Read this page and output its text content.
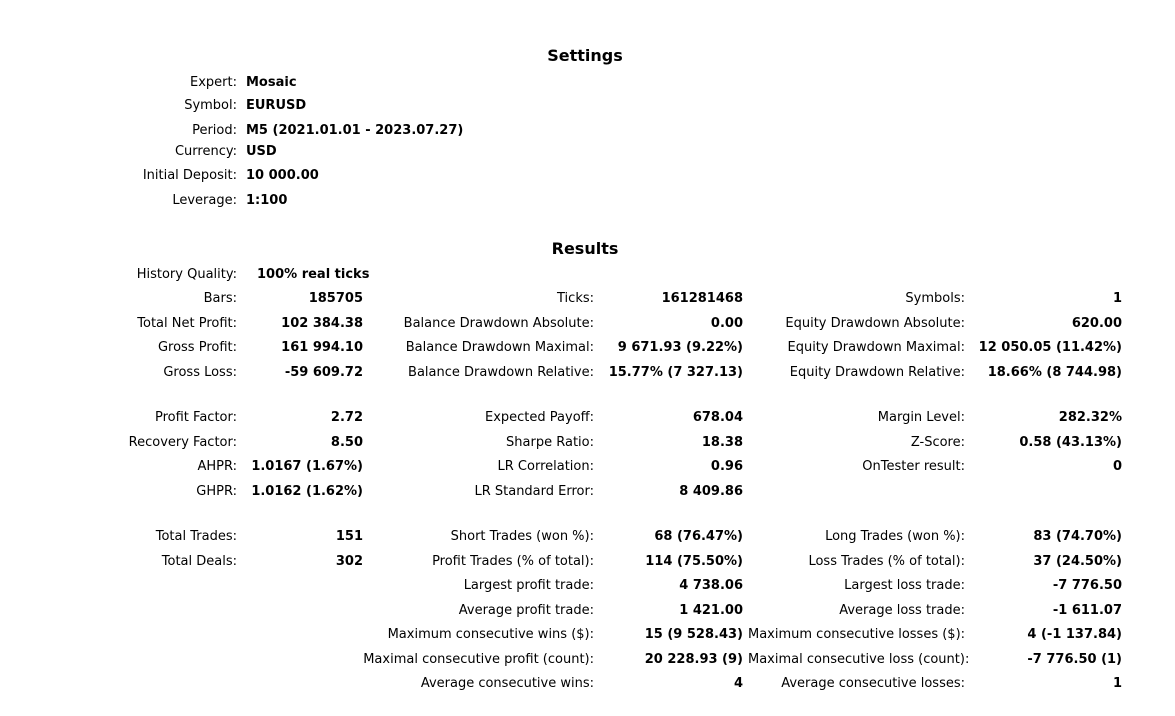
Settings
Expert: Mosaic
Symbol: EURUSD
Period: M5 (2021.01.01 - 2023.07.27)
Currency: USD
Initial Deposit: 10 000.00
Leverage: 1:100
Results
History Quality: 100% real ticks
Bars:	185705	Ticks:	161281468	Symbols:	1
Total Net Profit:	102 384.38	Balance Drawdown Absolute:	0.00	Equity Drawdown Absolute:	620.00
Gross Profit:	161 994.10	Balance Drawdown Maximal:	9 671.93 (9.22%)	Equity Drawdown Maximal:	12 050.05 (11.42%)
Gross Loss:	-59 609.72	Balance Drawdown Relative:	15.77% (7 327.13)	Equity Drawdown Relative:	18.66% (8 744.98)
Profit Factor:	2.72	Expected Payoff:	678.04	Margin Level:	282.32%
Recovery Factor:	8.50	Sharpe Ratio:	18.38	Z-Score:	0.58 (43.13%)
AHPR:	1.0167 (1.67%)	LR Correlation:	0.96	OnTester result:	0
GHPR:	1.0162 (1.62%)	LR Standard Error:	8 409.86
Total Trades:	151	Short Trades (won %):	68 (76.47%)	Long Trades (won %):	83 (74.70%)
Total Deals:	302	Profit Trades (% of total):	114 (75.50%)	Loss Trades (% of total):	37 (24.50%)
Largest profit trade:	4 738.06	Largest loss trade:	-7 776.50
Average profit trade:	1 421.00	Average loss trade:	-1 611.07
Maximum consecutive wins ($):	15 (9 528.43) Maximum consecutive losses ($):	4 (-1 137.84)
Maximal consecutive profit (count):	20 228.93 (9) Maximal consecutive loss (count):	-7 776.50 (1)
Average consecutive wins:	4	Average consecutive losses:	1
